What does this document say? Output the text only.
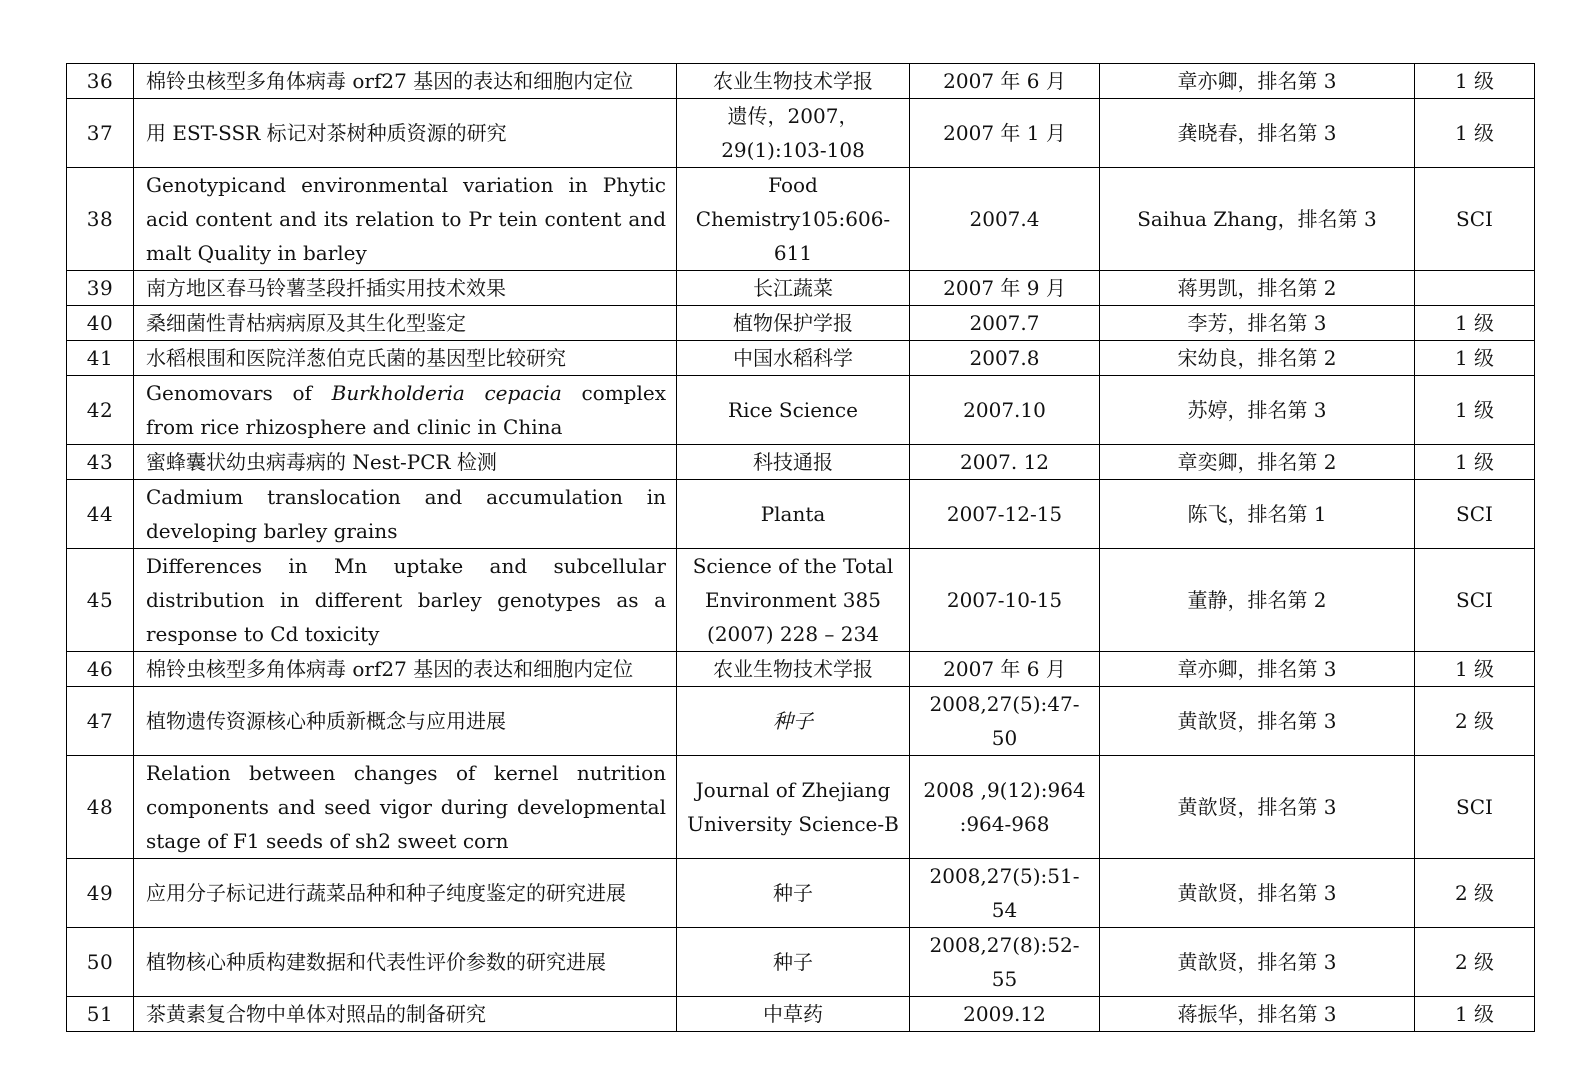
36	棉铃虫核型多角体病毒 orf27 基因的表达和细胞内定位	农业生物技术学报	2007 年 6 月	章亦卿，排名第 3	1 级
37	用 EST-SSR 标记对茶树种质资源的研究	遗传，2007，29(1):103-108	2007 年 1 月	龚晓春，排名第 3	1 级
38	Genotypicand environmental variation in Phytic acid content and its relation to Pr tein content and malt Quality in barley	Food Chemistry105:606-611	2007.4	Saihua Zhang，排名第 3	SCI
39	南方地区春马铃薯茎段扦插实用技术效果	长江蔬菜	2007 年 9 月	蒋男凯，排名第 2	
40	桑细菌性青枯病病原及其生化型鉴定	植物保护学报	2007.7	李芳，排名第 3	1 级
41	水稻根围和医院洋葱伯克氏菌的基因型比较研究	中国水稻科学	2007.8	宋幼良，排名第 2	1 级
42	Genomovars of Burkholderia cepacia complex from rice rhizosphere and clinic in China	Rice Science	2007.10	苏婷，排名第 3	1 级
43	蜜蜂囊状幼虫病毒病的 Nest-PCR 检测	科技通报	2007. 12	章奕卿，排名第 2	1 级
44	Cadmium translocation and accumulation in developing barley grains	Planta	2007-12-15	陈飞，排名第 1	SCI
45	Differences in Mn uptake and subcellular distribution in different barley genotypes as a response to Cd toxicity	Science of the Total Environment 385 (2007) 228 – 234	2007-10-15	董静，排名第 2	SCI
46	棉铃虫核型多角体病毒 orf27 基因的表达和细胞内定位	农业生物技术学报	2007 年 6 月	章亦卿，排名第 3	1 级
47	植物遗传资源核心种质新概念与应用进展	种子	2008,27(5):47-50	黄歆贤，排名第 3	2 级
48	Relation between changes of kernel nutrition components and seed vigor during developmental stage of F1 seeds of sh2 sweet corn	Journal of Zhejiang University Science-B	2008 ,9(12):964 :964-968	黄歆贤，排名第 3	SCI
49	应用分子标记进行蔬菜品种和种子纯度鉴定的研究进展	种子	2008,27(5):51-54	黄歆贤，排名第 3	2 级
50	植物核心种质构建数据和代表性评价参数的研究进展	种子	2008,27(8):52-55	黄歆贤，排名第 3	2 级
51	茶黄素复合物中单体对照品的制备研究	中草药	2009.12	蒋振华，排名第 3	1 级
